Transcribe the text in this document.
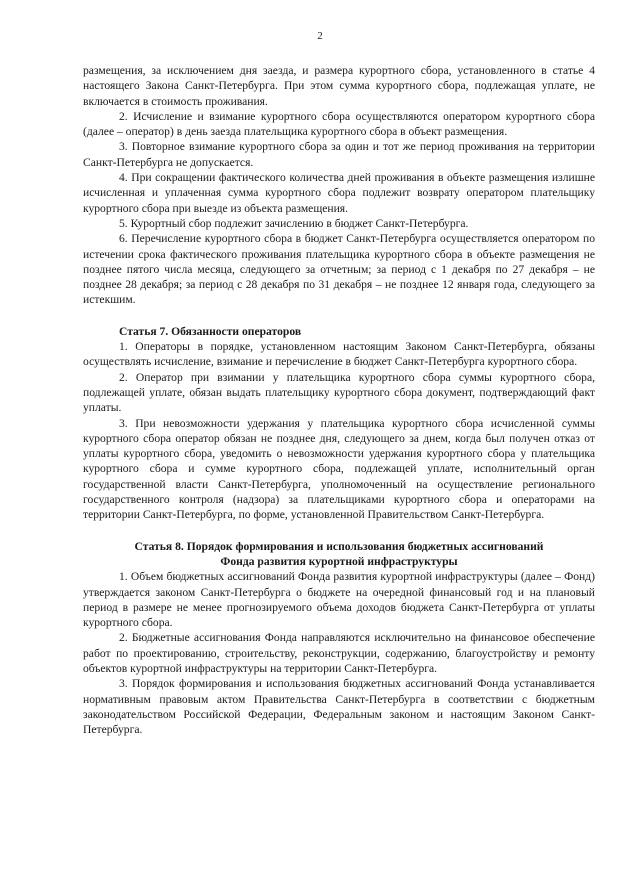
2

размещения, за исключением дня заезда, и размера курортного сбора, установленного в статье 4 настоящего Закона Санкт-Петербурга. При этом сумма курортного сбора, подлежащая уплате, не включается в стоимость проживания.

2. Исчисление и взимание курортного сбора осуществляются оператором курортного сбора (далее – оператор) в день заезда плательщика курортного сбора в объект размещения.

3. Повторное взимание курортного сбора за один и тот же период проживания на территории Санкт-Петербурга не допускается.

4. При сокращении фактического количества дней проживания в объекте размещения излишне исчисленная и уплаченная сумма курортного сбора подлежит возврату оператором плательщику курортного сбора при выезде из объекта размещения.

5. Курортный сбор подлежит зачислению в бюджет Санкт-Петербурга.

6. Перечисление курортного сбора в бюджет Санкт-Петербурга осуществляется оператором по истечении срока фактического проживания плательщика курортного сбора в объекте размещения не позднее пятого числа месяца, следующего за отчетным; за период с 1 декабря по 27 декабря – не позднее 28 декабря; за период с 28 декабря по 31 декабря – не позднее 12 января года, следующего за истекшим.

Статья 7. Обязанности операторов

1. Операторы в порядке, установленном настоящим Законом Санкт-Петербурга, обязаны осуществлять исчисление, взимание и перечисление в бюджет Санкт-Петербурга курортного сбора.

2. Оператор при взимании у плательщика курортного сбора суммы курортного сбора, подлежащей уплате, обязан выдать плательщику курортного сбора документ, подтверждающий факт уплаты.

3. При невозможности удержания у плательщика курортного сбора исчисленной суммы курортного сбора оператор обязан не позднее дня, следующего за днем, когда был получен отказ от уплаты курортного сбора, уведомить о невозможности удержания курортного сбора у плательщика курортного сбора и сумме курортного сбора, подлежащей уплате, исполнительный орган государственной власти Санкт-Петербурга, уполномоченный на осуществление регионального государственного контроля (надзора) за плательщиками курортного сбора и операторами на территории Санкт-Петербурга, по форме, установленной Правительством Санкт-Петербурга.

Статья 8. Порядок формирования и использования бюджетных ассигнований

Фонда развития курортной инфраструктуры

1. Объем бюджетных ассигнований Фонда развития курортной инфраструктуры (далее – Фонд) утверждается законом Санкт-Петербурга о бюджете на очередной финансовый год и на плановый период в размере не менее прогнозируемого объема доходов бюджета Санкт-Петербурга от уплаты курортного сбора.

2. Бюджетные ассигнования Фонда направляются исключительно на финансовое обеспечение работ по проектированию, строительству, реконструкции, содержанию, благоустройству и ремонту объектов курортной инфраструктуры на территории Санкт-Петербурга.

3. Порядок формирования и использования бюджетных ассигнований Фонда устанавливается нормативным правовым актом Правительства Санкт-Петербурга в соответствии с бюджетным законодательством Российской Федерации, Федеральным законом и настоящим Законом Санкт-Петербурга.
